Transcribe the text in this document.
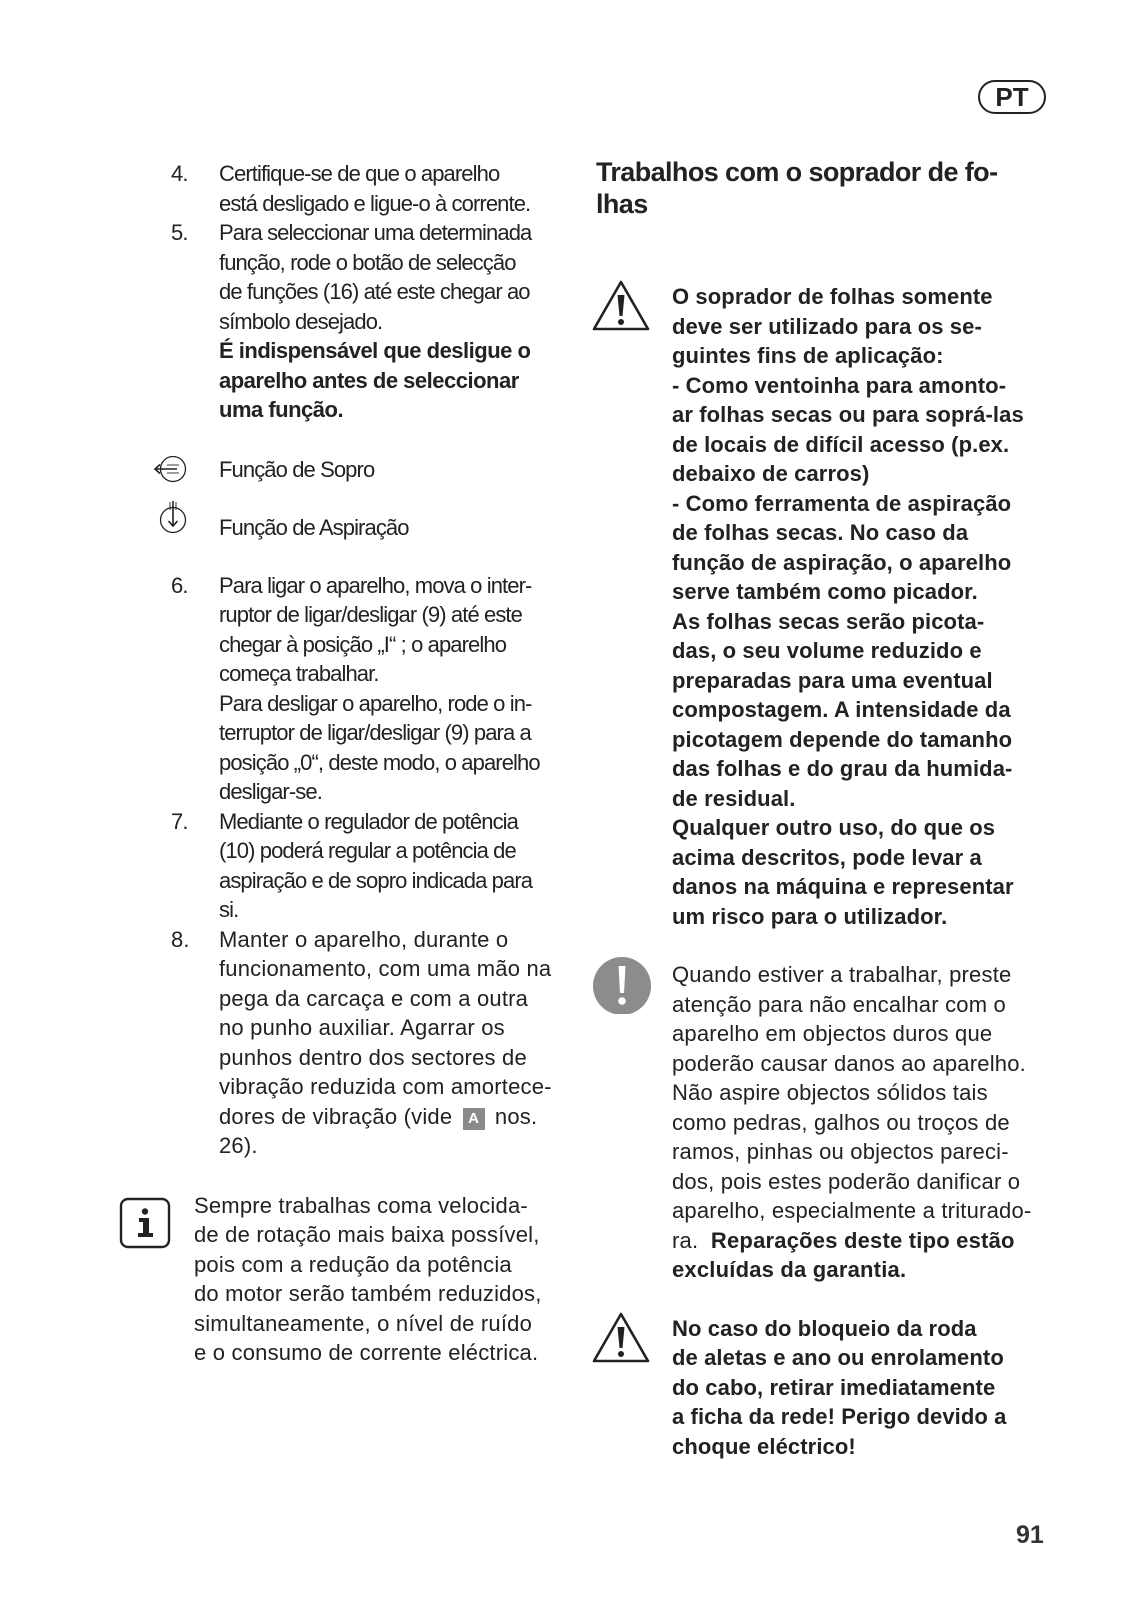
PT
4. Certifique-se de que o aparelho
está desligado e ligue-o à corrente.
5. Para seleccionar uma determinada
função, rode o botão de selecção
de funções (16) até este chegar ao
símbolo desejado.
É indispensável que desligue o
aparelho antes de seleccionar
uma função.
Função de Sopro
Função de Aspiração
6. Para ligar o aparelho, mova o inter-
ruptor de ligar/desligar (9) até este
chegar à posição „I“ ; o aparelho
começa trabalhar.
Para desligar o aparelho, rode o in-
terruptor de ligar/desligar (9) para a
posição „0“, deste modo, o aparelho
desligar-se.
7. Mediante o regulador de potência
(10) poderá regular a potência de
aspiração e de sopro indicada para
si.
8. Manter o aparelho, durante o
funcionamento, com uma mão na
pega da carcaça e com a outra
no punho auxiliar. Agarrar os
punhos dentro dos sectores de
vibração reduzida com amortece-
dores de vibração (vide A nos.
26).
Sempre trabalhas coma velocida-
de de rotação mais baixa possível,
pois com a redução da potência
do motor serão também reduzidos,
simultaneamente, o nível de ruído
e o consumo de corrente eléctrica.
Trabalhos com o soprador de fo-
lhas
O soprador de folhas somente
deve ser utilizado para os se-
guintes fins de aplicação:
- Como ventoinha para amonto-
ar folhas secas ou para soprá-las
de locais de difícil acesso (p.ex.
debaixo de carros)
- Como ferramenta de aspiração
de folhas secas. No caso da
função de aspiração, o aparelho
serve também como picador.
As folhas secas serão picota-
das, o seu volume reduzido e
preparadas para uma eventual
compostagem. A intensidade da
picotagem depende do tamanho
das folhas e do grau da humida-
de residual.
Qualquer outro uso, do que os
acima descritos, pode levar a
danos na máquina e representar
um risco para o utilizador.
Quando estiver a trabalhar, preste
atenção para não encalhar com o
aparelho em objectos duros que
poderão causar danos ao aparelho.
Não aspire objectos sólidos tais
como pedras, galhos ou troços de
ramos, pinhas ou objectos pareci-
dos, pois estes poderão danificar o
aparelho, especialmente a triturado-
ra. Reparações deste tipo estão
excluídas da garantia.
No caso do bloqueio da roda
de aletas e ano ou enrolamento
do cabo, retirar imediatamente
a ficha da rede! Perigo devido a
choque eléctrico!
91
